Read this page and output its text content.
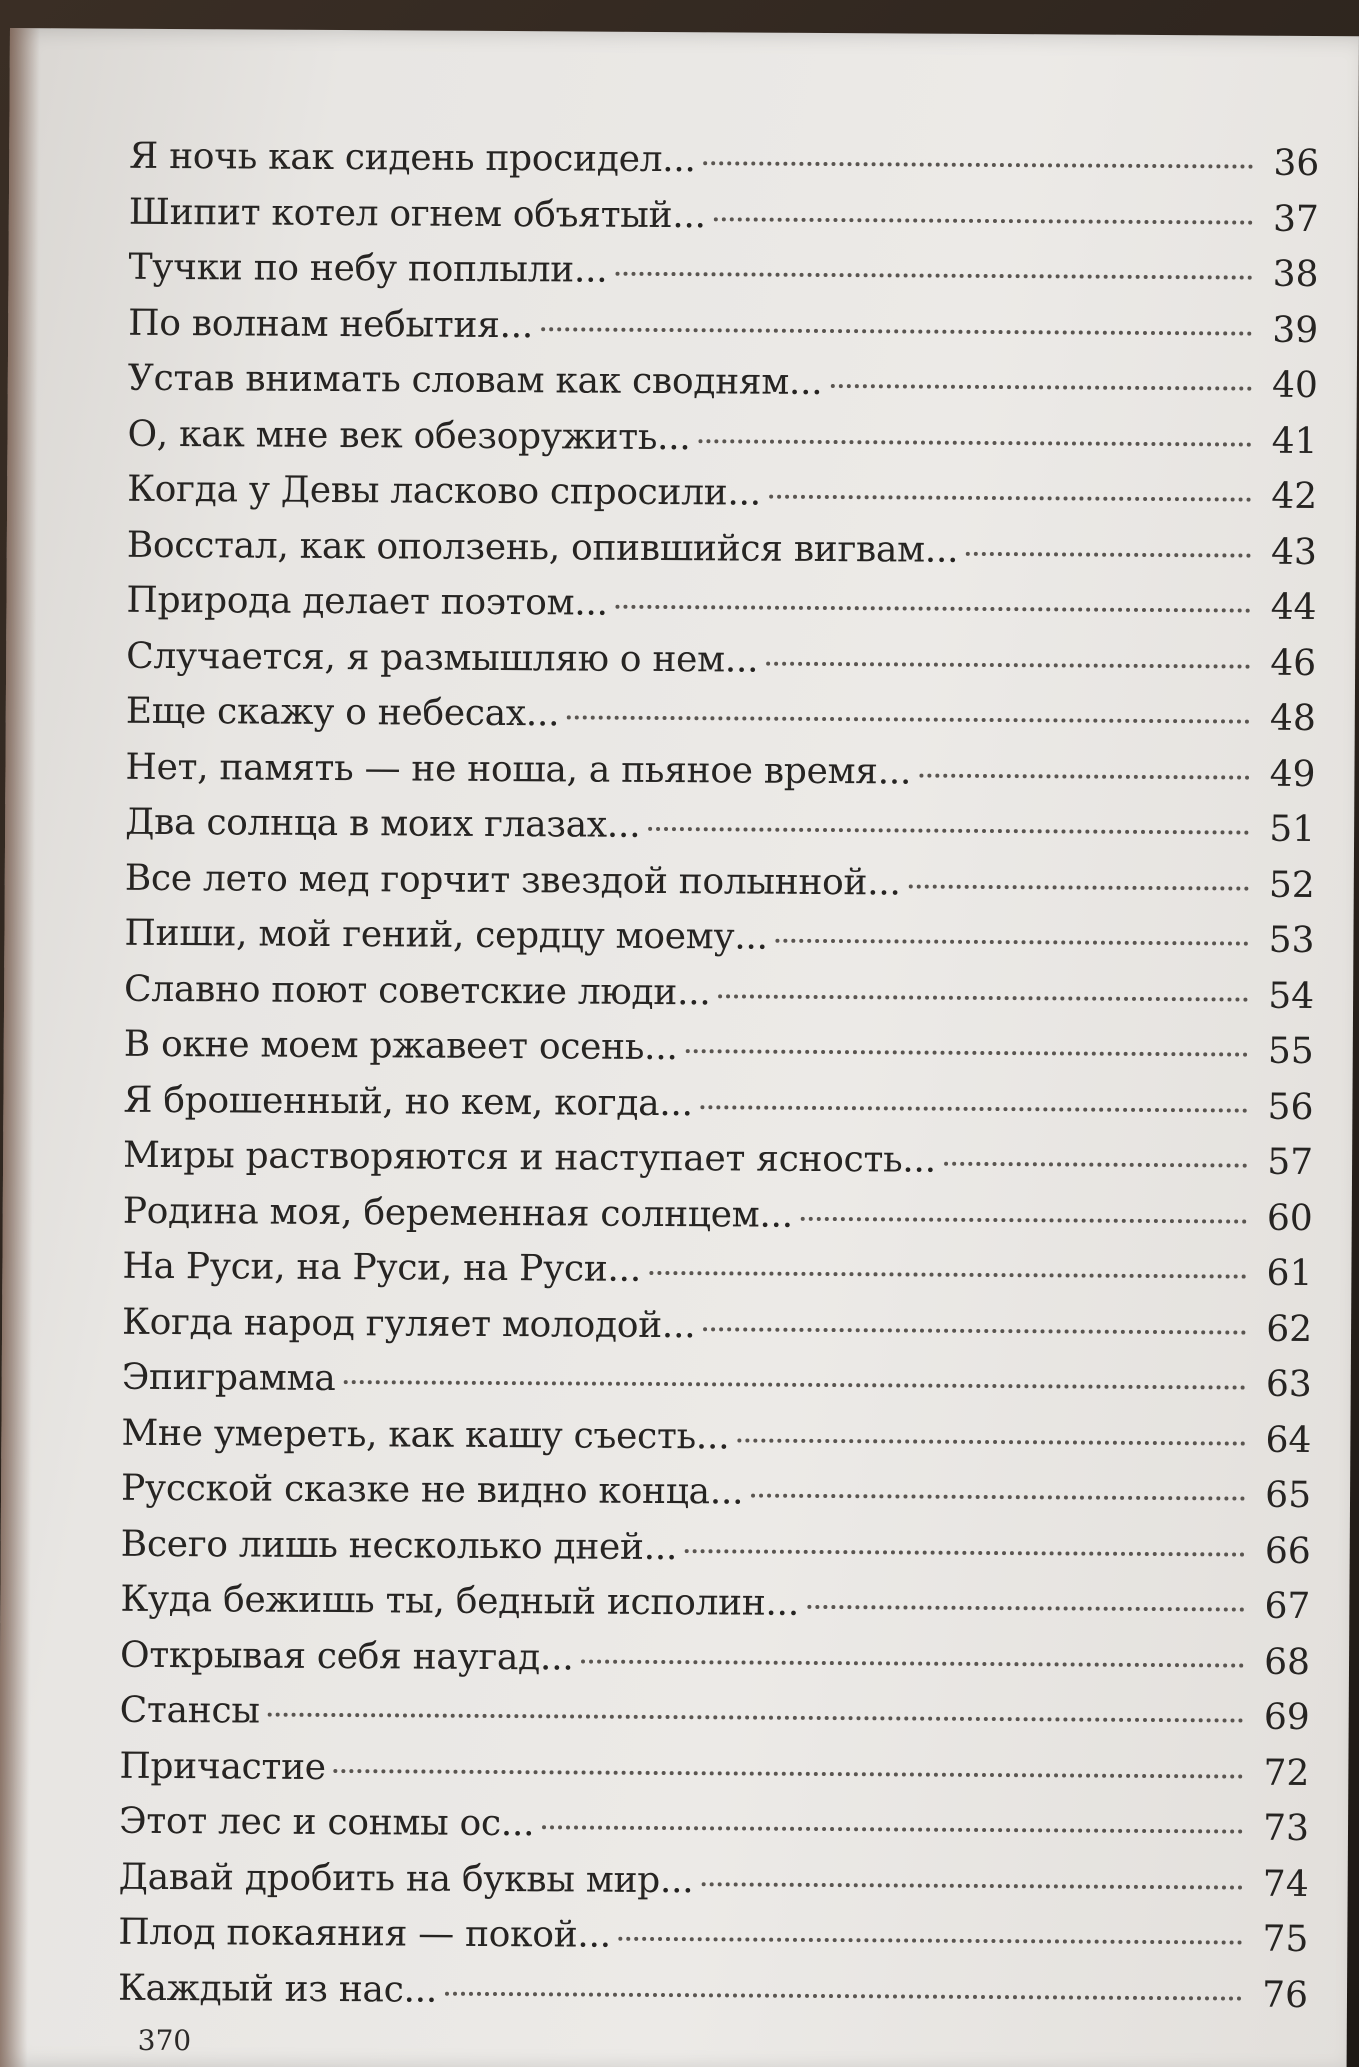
Я ночь как сидень просидел...	36
Шипит котел огнем объятый...	37
Тучки по небу поплыли...	38
По волнам небытия...	39
Устав внимать словам как сводням...	40
О, как мне век обезоружить...	41
Когда у Девы ласково спросили...	42
Восстал, как оползень, опившийся вигвам...	43
Природа делает поэтом...	44
Случается, я размышляю о нем...	46
Еще скажу о небесах...	48
Нет, память — не ноша, а пьяное время...	49
Два солнца в моих глазах...	51
Все лето мед горчит звездой полынной...	52
Пиши, мой гений, сердцу моему...	53
Славно поют советские люди...	54
В окне моем ржавеет осень...	55
Я брошенный, но кем, когда...	56
Миры растворяются и наступает ясность...	57
Родина моя, беременная солнцем...	60
На Руси, на Руси, на Руси...	61
Когда народ гуляет молодой...	62
Эпиграмма	63
Мне умереть, как кашу съесть...	64
Русской сказке не видно конца...	65
Всего лишь несколько дней...	66
Куда бежишь ты, бедный исполин...	67
Открывая себя наугад...	68
Стансы	69
Причастие	72
Этот лес и сонмы ос...	73
Давай дробить на буквы мир...	74
Плод покаяния — покой...	75
Каждый из нас...	76
370
